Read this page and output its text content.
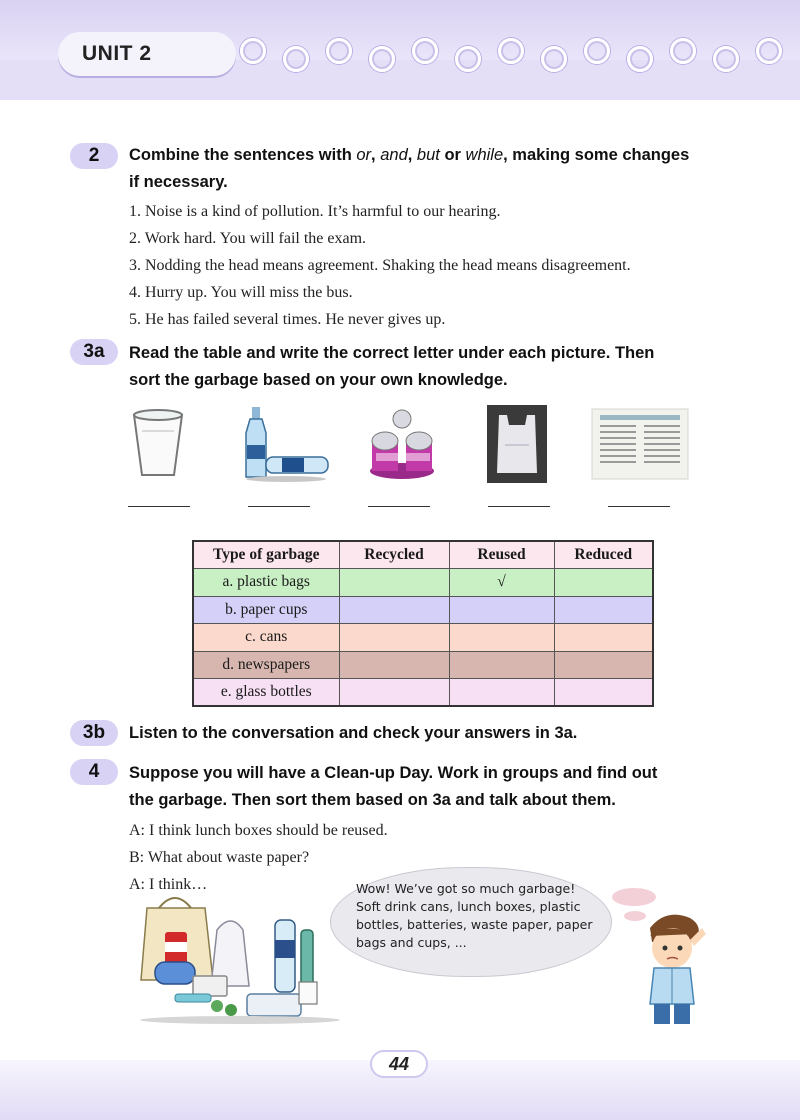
UNIT 2
2	Combine the sentences with or, and, but or while, making some changes
if necessary.
1. Noise is a kind of pollution. It’s harmful to our hearing.
2. Work hard. You will fail the exam.
3. Nodding the head means agreement. Shaking the head means disagreement.
4. Hurry up. You will miss the bus.
5. He has failed several times. He never gives up.
3a	Read the table and write the correct letter under each picture. Then
sort the garbage based on your own knowledge.
Type of garbage	Recycled	Reused	Reduced
a. plastic bags		√	
b. paper cups			
c. cans			
d. newspapers			
e. glass bottles			
3b	Listen to the conversation and check your answers in 3a.
4	Suppose you will have a Clean-up Day. Work in groups and find out
the garbage. Then sort them based on 3a and talk about them.
A: I think lunch boxes should be reused.
B: What about waste paper?
A: I think…	Wow! We’ve got so much garbage! Soft drink cans, lunch boxes, plastic bottles, batteries, waste paper, paper bags and cups, ...
44
